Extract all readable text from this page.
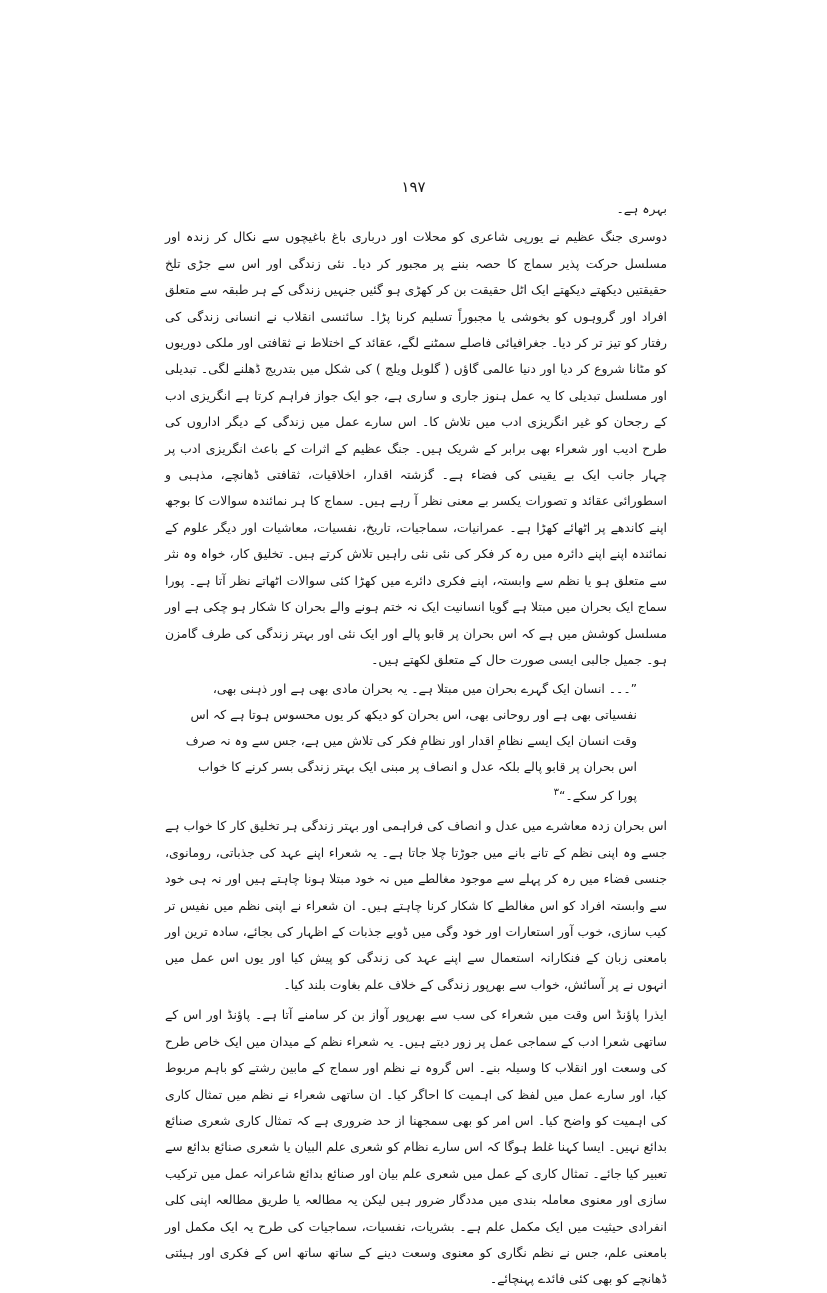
۱۹۷

بہرہ ہے۔

دوسری جنگ عظیم نے یورپی شاعری کو محلات اور درباری باغ باغیچوں سے نکال کر زندہ اور مسلسل حرکت پذیر سماج کا حصہ بننے پر مجبور کر دیا۔ نئی زندگی اور اس سے جڑی تلخ حقیقتیں دیکھتے دیکھتے ایک اٹل حقیقت بن کر کھڑی ہو گئیں جنہیں زندگی کے ہر طبقہ سے متعلق افراد اور گروہوں کو بخوشی یا مجبوراً تسلیم کرنا پڑا۔ سائنسی انقلاب نے انسانی زندگی کی رفتار کو تیز تر کر دیا۔ جغرافیائی فاصلے سمٹنے لگے، عقائد کے اختلاط نے ثقافتی اور ملکی دوریوں کو مٹانا شروع کر دیا اور دنیا عالمی گاؤں ( گلوبل ویلج ) کی شکل میں بتدریج ڈھلنے لگی۔ تبدیلی اور مسلسل تبدیلی کا یہ عمل ہنوز جاری و ساری ہے، جو ایک جواز فراہم کرتا ہے انگریزی ادب کے رجحان کو غیر انگریزی ادب میں تلاش کا۔ اس سارے عمل میں زندگی کے دیگر اداروں کی طرح ادیب اور شعراء بھی برابر کے شریک ہیں۔ جنگ عظیم کے اثرات کے باعث انگریزی ادب پر چہار جانب ایک بے یقینی کی فضاء ہے۔ گزشتہ اقدار، اخلاقیات، ثقافتی ڈھانچے، مذہبی و اسطورائی عقائد و تصورات یکسر بے معنی نظر آ رہے ہیں۔ سماج کا ہر نمائندہ سوالات کا بوجھ اپنے کاندھے پر اٹھائے کھڑا ہے۔ عمرانیات، سماجیات، تاریخ، نفسیات، معاشیات اور دیگر علوم کے نمائندہ اپنے اپنے دائرہ میں رہ کر فکر کی نئی نئی راہیں تلاش کرتے ہیں۔ تخلیق کار، خواہ وہ نثر سے متعلق ہو یا نظم سے وابستہ، اپنے فکری دائرے میں کھڑا کئی سوالات اٹھاتے نظر آتا ہے۔ پورا سماج ایک بحران میں مبتلا ہے گویا انسانیت ایک نہ ختم ہونے والے بحران کا شکار ہو چکی ہے اور مسلسل کوشش میں ہے کہ اس بحران پر قابو پالے اور ایک نئی اور بہتر زندگی کی طرف گامزن ہو۔ جمیل جالبی ایسی صورت حال کے متعلق لکھتے ہیں۔

”۔۔۔ انسان ایک گہرے بحران میں مبتلا ہے۔ یہ بحران مادی بھی ہے اور ذہنی بھی، نفسیاتی بھی ہے اور روحانی بھی، اس بحران کو دیکھ کر یوں محسوس ہوتا ہے کہ اس وقت انسان ایک ایسے نظامِ اقدار اور نظامِ فکر کی تلاش میں ہے، جس سے وہ نہ صرف اس بحران پر قابو پالے بلکہ عدل و انصاف پر مبنی ایک بہتر زندگی بسر کرنے کا خواب پورا کر سکے۔“$^۳$

اس بحران زدہ معاشرے میں عدل و انصاف کی فراہمی اور بہتر زندگی ہر تخلیق کار کا خواب ہے جسے وہ اپنی نظم کے تانے بانے میں جوڑتا چلا جاتا ہے۔ یہ شعراء اپنے عہد کی جذباتی، رومانوی، جنسی فضاء میں رہ کر پہلے سے موجود مغالطے میں نہ خود مبتلا ہونا چاہتے ہیں اور نہ ہی خود سے وابستہ افراد کو اس مغالطے کا شکار کرنا چاہتے ہیں۔ ان شعراء نے اپنی نظم میں نفیس تر کیب سازی، خوب آور استعارات اور خود وگی میں ڈوبے جذبات کے اظہار کی بجائے، سادہ ترین اور بامعنی زبان کے فنکارانہ استعمال سے اپنے عہد کی زندگی کو پیش کیا اور یوں اس عمل میں انہوں نے پر آسائش، خواب سے بھرپور زندگی کے خلاف علم بغاوت بلند کیا۔

ایذرا پاؤنڈ اس وقت میں شعراء کی سب سے بھرپور آواز بن کر سامنے آتا ہے۔ پاؤنڈ اور اس کے ساتھی شعرا ادب کے سماجی عمل پر زور دیتے ہیں۔ یہ شعراء نظم کے میدان میں ایک خاص طرح کی وسعت اور انقلاب کا وسیلہ بنے۔ اس گروہ نے نظم اور سماج کے مابین رشتے کو باہم مربوط کیا، اور سارے عمل میں لفظ کی اہمیت کا احاگر کیا۔ ان ساتھی شعراء نے نظم میں تمثال کاری کی اہمیت کو واضح کیا۔ اس امر کو بھی سمجھنا از حد ضروری ہے کہ تمثال کاری شعری صنائع بدائع نہیں۔ ایسا کہنا غلط ہوگا کہ اس سارے نظام کو شعری علم البیان یا شعری صنائع بدائع سے تعبیر کیا جائے۔ تمثال کاری کے عمل میں شعری علم بیان اور صنائع بدائع شاعرانہ عمل میں ترکیب سازی اور معنوی معاملہ بندی میں مددگار ضرور ہیں لیکن یہ مطالعہ یا طریق مطالعہ اپنی کلی انفرادی حیثیت میں ایک مکمل علم ہے۔ بشریات، نفسیات، سماجیات کی طرح یہ ایک مکمل اور بامعنی علم، جس نے نظم نگاری کو معنوی وسعت دینے کے ساتھ ساتھ اس کے فکری اور ہیئتی ڈھانچے کو بھی کئی فائدے پہنچائے۔
